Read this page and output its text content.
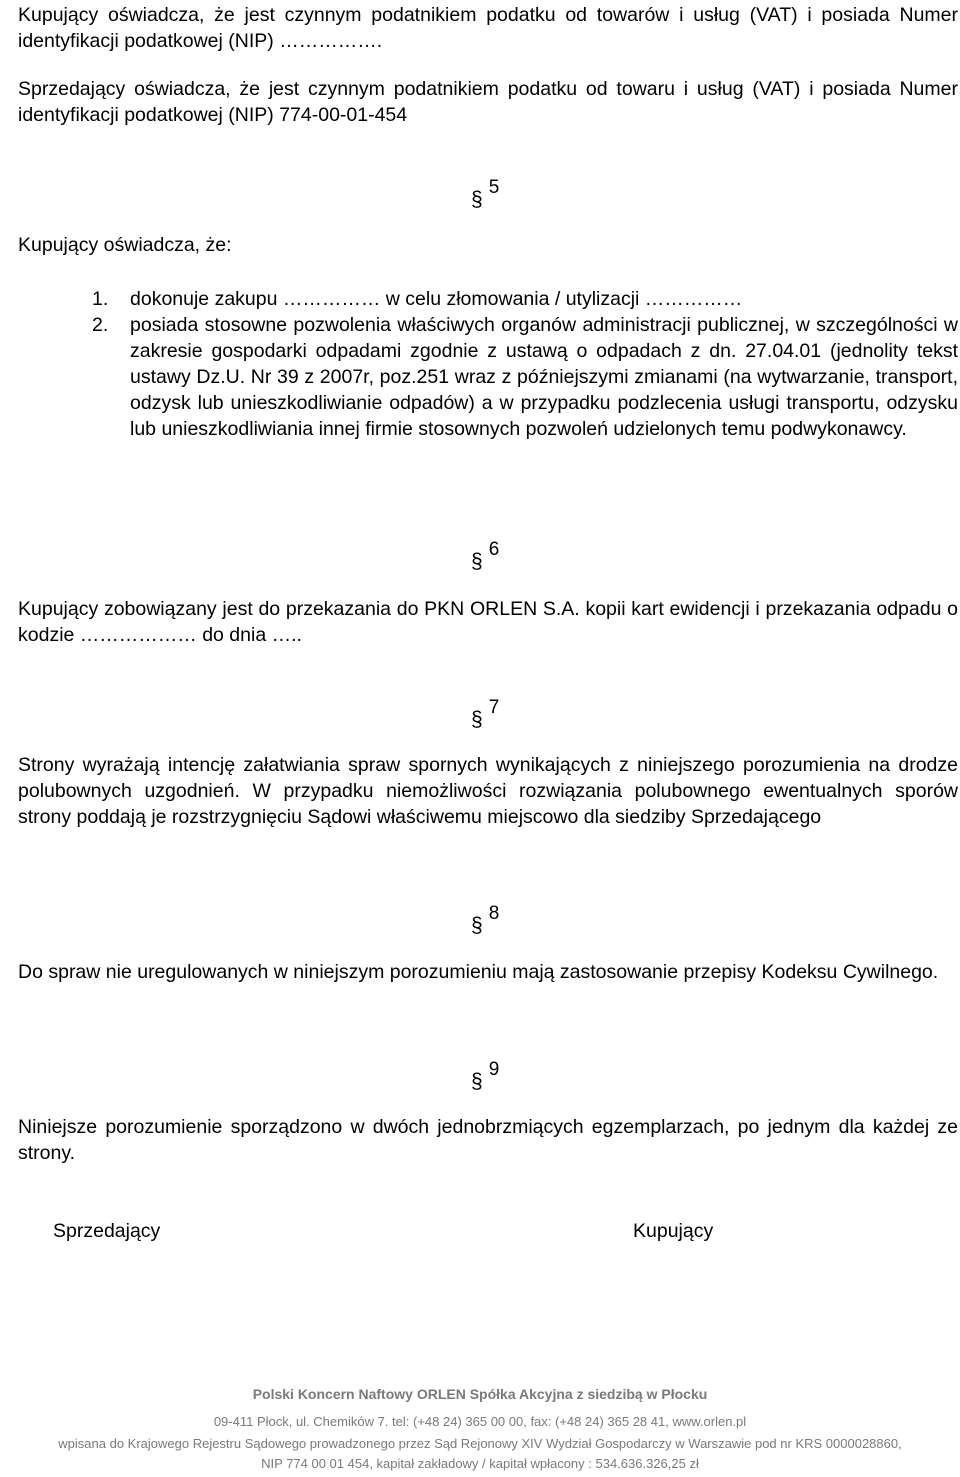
Kupujący oświadcza, że jest czynnym podatnikiem podatku od towarów i usług (VAT) i posiada Numer identyfikacji podatkowej (NIP) …………….

Sprzedający oświadcza, że jest czynnym podatnikiem podatku od towaru i usług (VAT) i posiada Numer identyfikacji podatkowej (NIP) 774-00-01-454

§5
Kupujący oświadcza, że:
1. dokonuje zakupu …………… w celu złomowania / utylizacji ……………

2. posiada stosowne pozwolenia właściwych organów administracji publicznej, w szczególności w zakresie gospodarki odpadami zgodnie z ustawą o odpadach z dn. 27.04.01 (jednolity tekst ustawy Dz.U. Nr 39 z 2007r, poz.251 wraz z późniejszymi zmianami (na wytwarzanie, transport, odzysk lub unieszkodliwianie odpadów) a w przypadku podzlecenia usługi transportu, odzysku lub unieszkodliwiania innej firmie stosownych pozwoleń udzielonych temu podwykonawcy.

§6

Kupujący zobowiązany jest do przekazania do PKN ORLEN S.A. kopii kart ewidencji i przekazania odpadu o kodzie ……………… do dnia …..

§7

Strony wyrażają intencję załatwiania spraw spornych wynikających z niniejszego porozumienia na drodze polubownych uzgodnień. W przypadku niemożliwości rozwiązania polubownego ewentualnych sporów strony poddają je rozstrzygnięciu Sądowi właściwemu miejscowo dla siedziby Sprzedającego

§8

Do spraw nie uregulowanych w niniejszym porozumieniu mają zastosowanie przepisy Kodeksu Cywilnego.

§9

Niniejsze porozumienie sporządzono w dwóch jednobrzmiących egzemplarzach, po jednym dla każdej ze strony.

Sprzedający	Kupujący
Polski Koncern Naftowy ORLEN Spółka Akcyjna z siedzibą w Płocku
09-411 Płock, ul. Chemików 7. tel: (+48 24) 365 00 00, fax: (+48 24) 365 28 41, www.orlen.pl
wpisana do Krajowego Rejestru Sądowego prowadzonego przez Sąd Rejonowy XIV Wydział Gospodarczy w Warszawie pod nr KRS 0000028860,
NIP 774 00 01 454, kapitał zakładowy / kapitał wpłacony : 534.636.326,25 zł
